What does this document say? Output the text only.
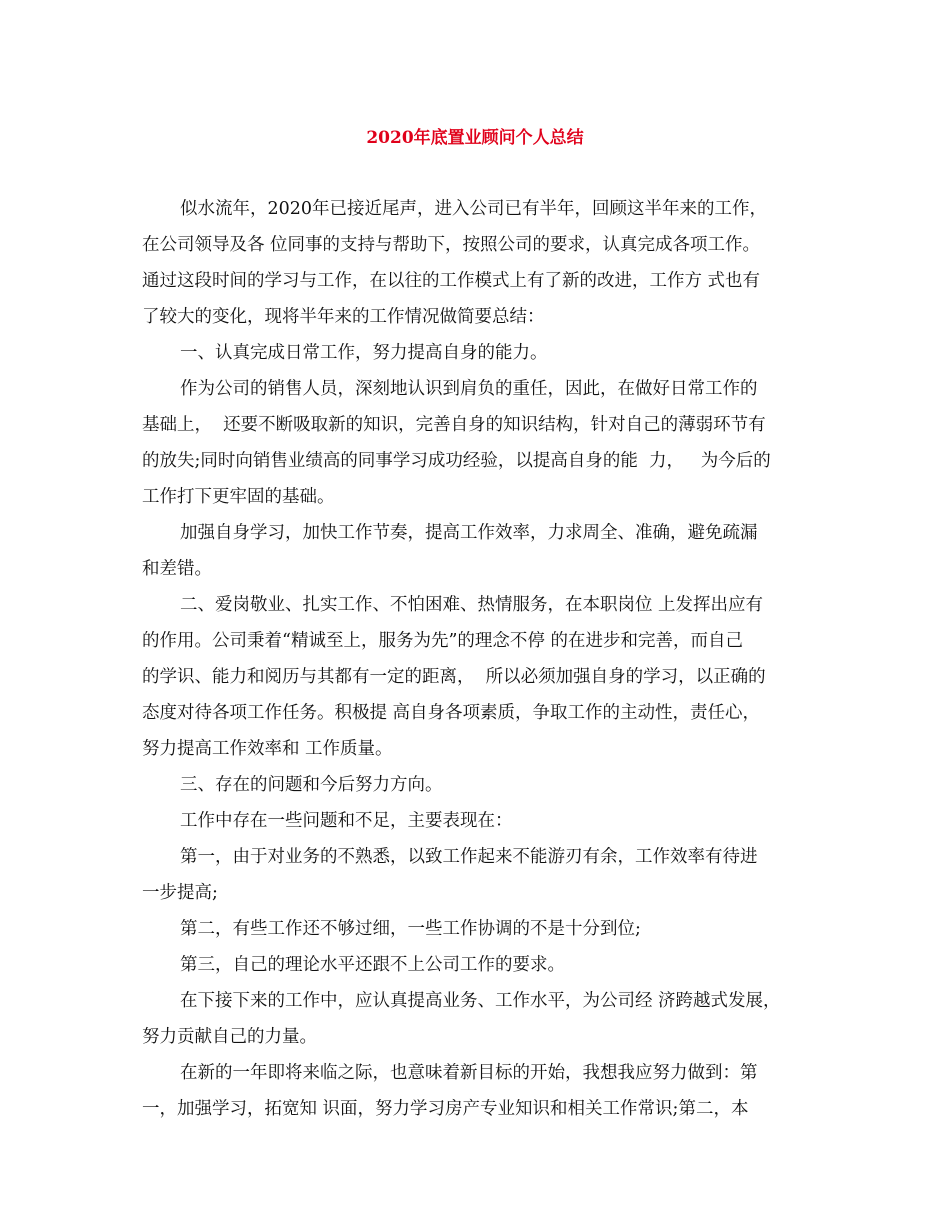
2020年底置业顾问个人总结
似水流年，2020年已接近尾声，进入公司已有半年，回顾这半年来的工作，
在公司领导及各 位同事的支持与帮助下，按照公司的要求，认真完成各项工作。
通过这段时间的学习与工作，在以往的工作模式上有了新的改进，工作方 式也有
了较大的变化，现将半年来的工作情况做简要总结：
一、认真完成日常工作，努力提高自身的能力。
作为公司的销售人员，深刻地认识到肩负的重任，因此，在做好日常工作的
基础上，  还要不断吸取新的知识，完善自身的知识结构，针对自己的薄弱环节有
的放失;同时向销售业绩高的同事学习成功经验，以提高自身的能  力，   为今后的
工作打下更牢固的基础。
加强自身学习，加快工作节奏，提高工作效率，力求周全、准确，避免疏漏
和差错。
二、爱岗敬业、扎实工作、不怕困难、热情服务，在本职岗位 上发挥出应有
的作用。公司秉着“精诚至上，服务为先”的理念不停 的在进步和完善，而自己
的学识、能力和阅历与其都有一定的距离，  所以必须加强自身的学习，以正确的
态度对待各项工作任务。积极提 高自身各项素质，争取工作的主动性，责任心，
努力提高工作效率和 工作质量。
三、存在的问题和今后努力方向。
工作中存在一些问题和不足，主要表现在：
第一，由于对业务的不熟悉，以致工作起来不能游刃有余，工作效率有待进
一步提高;
第二，有些工作还不够过细，一些工作协调的不是十分到位;
第三，自己的理论水平还跟不上公司工作的要求。
在下接下来的工作中，应认真提高业务、工作水平，为公司经 济跨越式发展，
努力贡献自己的力量。
在新的一年即将来临之际，也意味着新目标的开始，我想我应努力做到：第
一，加强学习，拓宽知 识面，努力学习房产专业知识和相关工作常识;第二，本
